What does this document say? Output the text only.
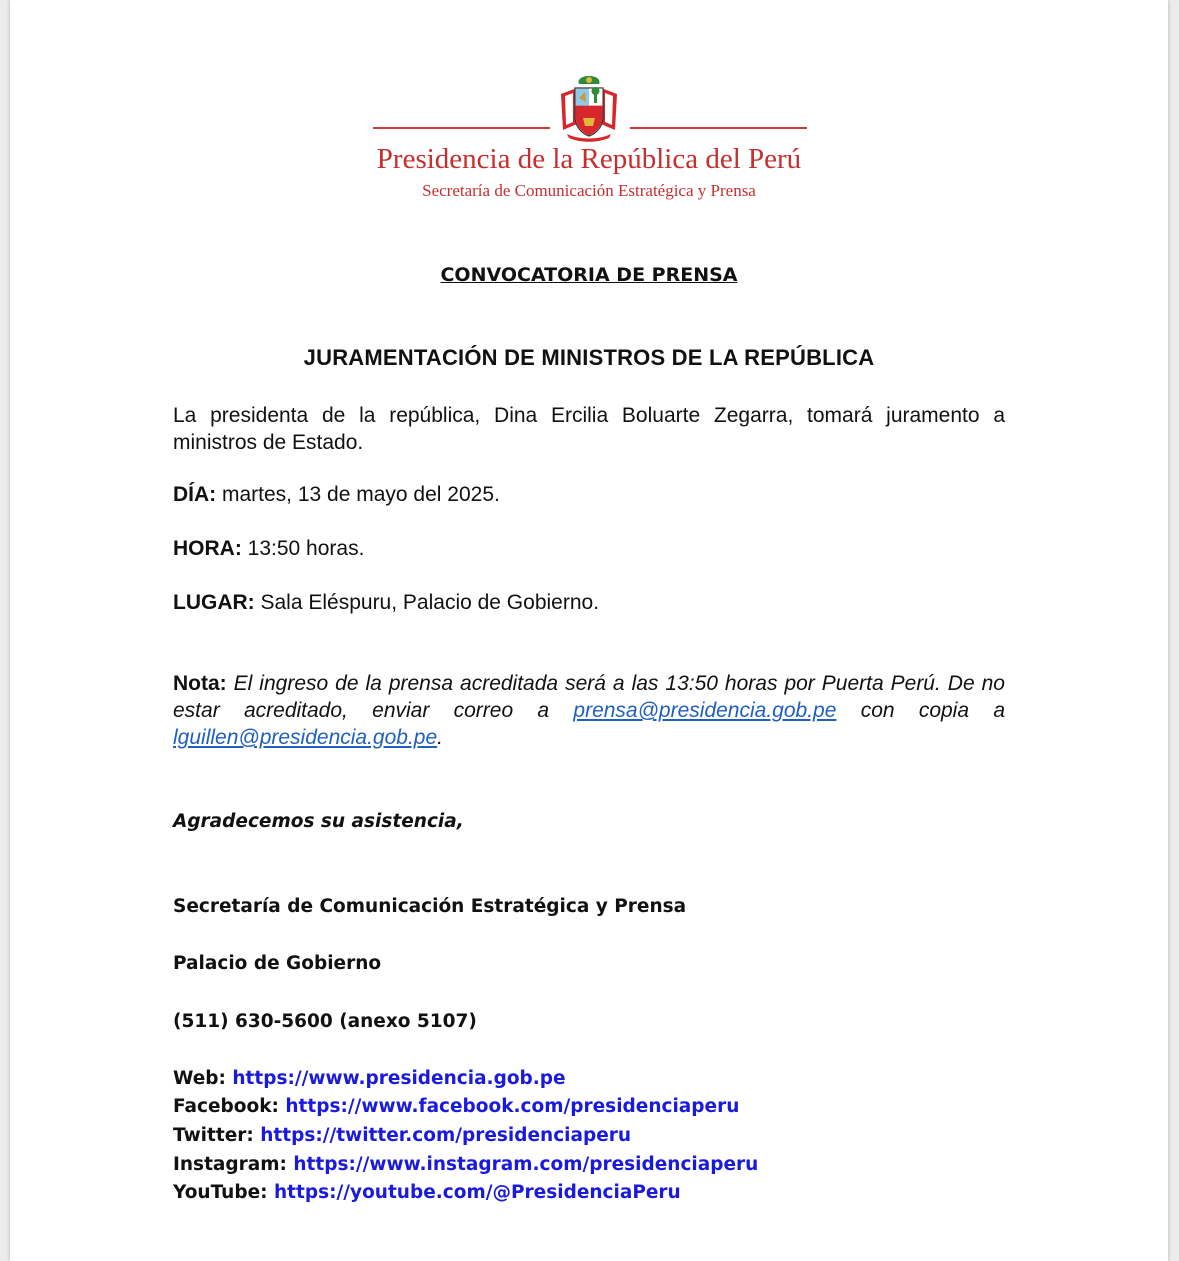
Presidencia de la República del Perú
Secretaría de Comunicación Estratégica y Prensa
CONVOCATORIA DE PRENSA
JURAMENTACIÓN DE MINISTROS DE LA REPÚBLICA
La presidenta de la república, Dina Ercilia Boluarte Zegarra, tomará juramento a ministros de Estado.
DÍA: martes, 13 de mayo del 2025.
HORA: 13:50 horas.
LUGAR: Sala Eléspuru, Palacio de Gobierno.
Nota: El ingreso de la prensa acreditada será a las 13:50 horas por Puerta Perú. De no estar acreditado, enviar correo a prensa@presidencia.gob.pe con copia a lguillen@presidencia.gob.pe.
Agradecemos su asistencia,
Secretaría de Comunicación Estratégica y Prensa
Palacio de Gobierno
(511) 630-5600 (anexo 5107)
Web: https://www.presidencia.gob.pe
Facebook: https://www.facebook.com/presidenciaperu
Twitter: https://twitter.com/presidenciaperu
Instagram: https://www.instagram.com/presidenciaperu
YouTube: https://youtube.com/@PresidenciaPeru
